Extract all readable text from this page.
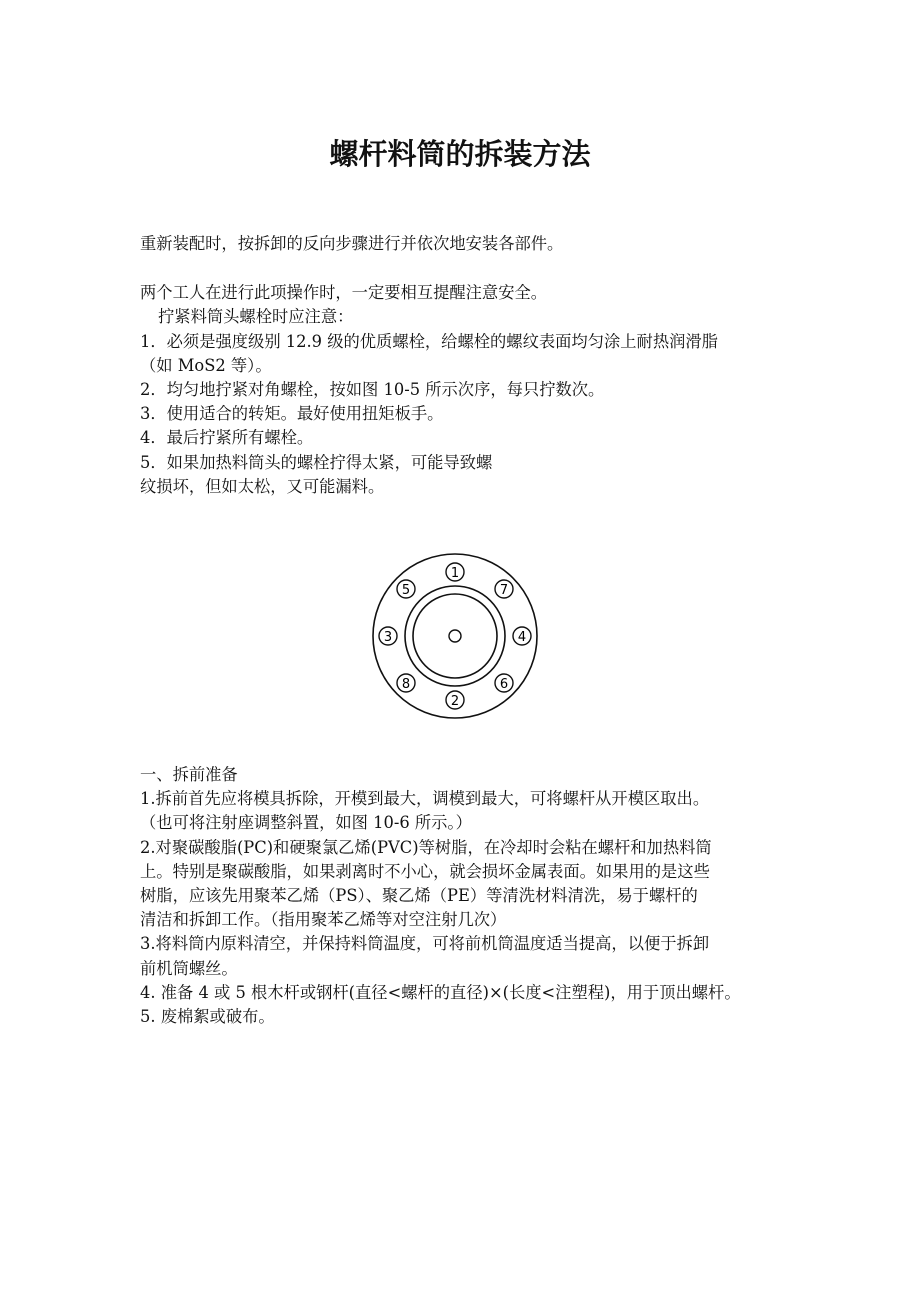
螺杆料筒的拆装方法
重新装配时，按拆卸的反向步骤进行并依次地安装各部件。
两个工人在进行此项操作时，一定要相互提醒注意安全。
拧紧料筒头螺栓时应注意：
1．必须是强度级别 12.9 级的优质螺栓，给螺栓的螺纹表面均匀涂上耐热润滑脂
（如 MoS2 等）。
2．均匀地拧紧对角螺栓，按如图 10-5 所示次序，每只拧数次。
3．使用适合的转矩。最好使用扭矩板手。
4．最后拧紧所有螺栓。
5．如果加热料筒头的螺栓拧得太紧，可能导致螺
纹损坏，但如太松，又可能漏料。
1
7
4
6
2
8
3
5
一、拆前准备
1.拆前首先应将模具拆除，开模到最大，调模到最大，可将螺杆从开模区取出。
（也可将注射座调整斜置，如图 10-6 所示。）
2.对聚碳酸脂(PC)和硬聚氯乙烯(PVC)等树脂，在冷却时会粘在螺杆和加热料筒
上。特别是聚碳酸脂，如果剥离时不小心，就会损坏金属表面。如果用的是这些
树脂，应该先用聚苯乙烯（PS）、聚乙烯（PE）等清洗材料清洗，易于螺杆的
清洁和拆卸工作。（指用聚苯乙烯等对空注射几次）
3.将料筒内原料清空，并保持料筒温度，可将前机筒温度适当提高，以便于拆卸
前机筒螺丝。
4. 准备 4 或 5 根木杆或钢杆(直径<螺杆的直径)×(长度<注塑程)，用于顶出螺杆。
5. 废棉絮或破布。
